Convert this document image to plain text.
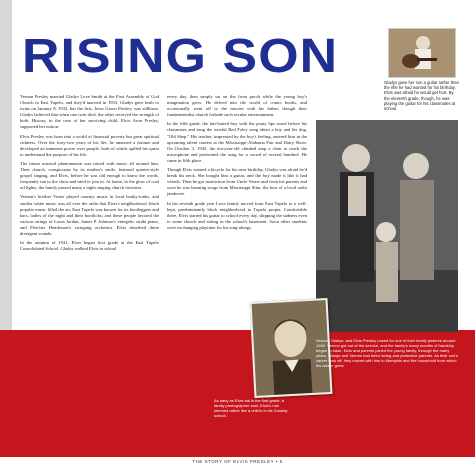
RISING SON	Gladys gave her son a guitar rather than the rifle he had wanted for his birthday. Elvis was afraid he would get hurt. By the eleventh grade, though, he was playing the guitar for his classmates at school.

Vernon Presley married Gladys Love Smith at the First Assembly of God Church in East Tupelo, and they'd married in 1933. Gladys gave birth to twins on January 8, 1935, but the first, Jesse Garon Presley, was stillborn. Gladys believed that when one twin died, the other received the strength of both. History, in the case of her surviving child, Elvis Aron Presley, supported her notion.

Elvis Presley was born into a world of financial poverty but great spiritual richness. Over the forty-two years of his life, he amassed a fortune and developed an immense power over people, both of which spilled his quest to understand the purpose of his life.

The future musical phenomenon was raised with music all around him. Their church, conspicuous by its mother's smile, featured quartet-style gospel singing, and Elvis, before he was old enough to know the words, frequently ran to the choir and tried to join in. At home, in the glow of coal oil lights, the family passed many a night singing church favorites.

Vernon's brother Vester played country music in local honky-tonks, and similar white music was all over the radio that Elvis's neighborhood, black popular music filled the air. East Tupelo was known for its bootleggers and bars, ladies of the night and their bootlicks; and these people favored the various strings of Louis Jordan, James P. Johnson's energetic stride piano, and Fletcher Henderson's swinging orchestra. Elvis absorbed these divergent sounds.

In the autumn of 1941, Elvis began first grade at the East Tupelo Consolidated School. Gladys walked Elvis to school

every day, then simply sat on the front porch while the young boy's imagination grew. He delved into the world of comic books, and occasionally went off to the movies with his father, though their fundamentalist church forbade such secular entertainment.

In the fifth grade, the fair-haired boy with the pouty lips stood before his classmates and sang the woeful Red Foley song about a boy and his dog, "Old Shep." His teacher, impressed by the boy's feeling, entered him in the upcoming talent contest at the Mississippi-Alabama Fair and Dairy Show. On October 3, 1945, the ten-year-old climbed atop a chair to reach the microphone and performed the song for a crowd of several hundred. He came in fifth place.

Though Elvis wanted a bicycle for his next birthday, Gladys was afraid he'd break his neck. She bought him a guitar, and the boy made it like it had wheels. Then he got instruction from Uncle Vester and from his parents and soon he was learning songs from Mississippi Slim, the host of a local radio jamboree.

In his seventh grade year Love family moved from East Tupelo to a well-kept, predominantly black neighborhood in Tupelo proper. Comfortable there, Elvis started his guitar to school every day, shipping the sadness even to some church and sitting in the school's basement. Soon other students were exchanging playtime for his sing-alongs.

As early as Elvis sat in the first grade, a family photographer said, Elvis's hair seemed rather like a child's in his Sunday school.
Vernon, Gladys, and Elvis Presley posed for one of their family pictures around 1945. Vernon got out of the service, and the family's many months of hardship began to ease. Elvis and parents joined the young family, through the many years, Gladys and Vernon had been loving and protective parents. As their son's career took off, they moved with him to Memphis and the household from which his career grew.
THE STORY OF ELVIS PRESLEY • 5
